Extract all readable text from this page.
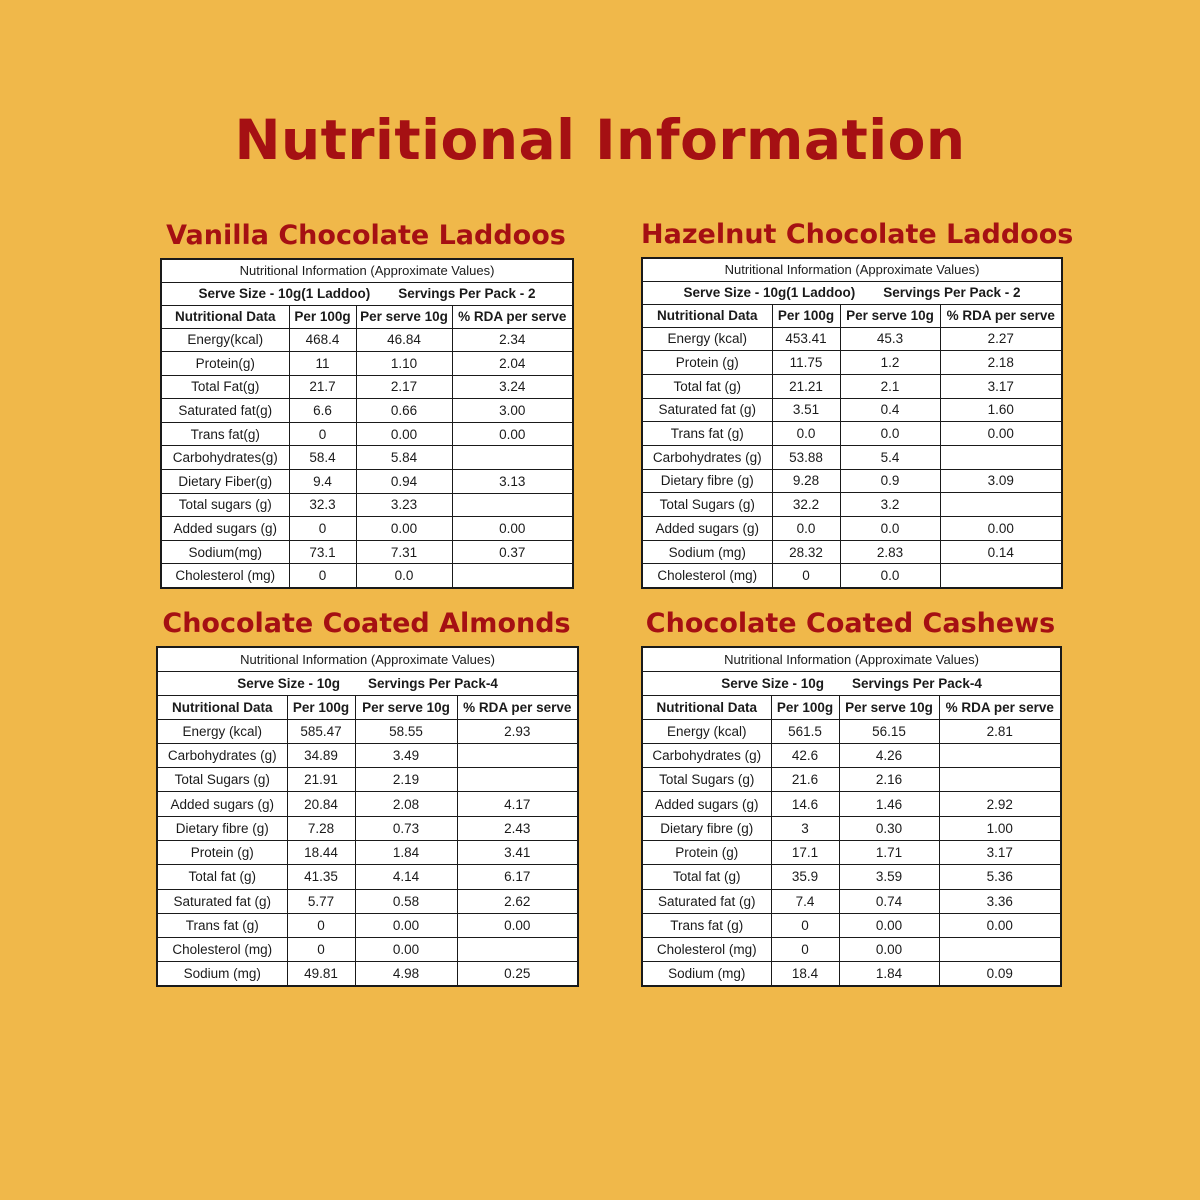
Nutritional Information
Vanilla Chocolate Laddoos
Nutritional Information (Approximate Values)			
Serve Size - 10g(1 Laddoo) Servings Per Pack - 2			
Nutritional Data	Per 100g	Per serve 10g	% RDA per serve
Energy(kcal)	468.4	46.84	2.34
Protein(g)	11	1.10	2.04
Total Fat(g)	21.7	2.17	3.24
Saturated fat(g)	6.6	0.66	3.00
Trans fat(g)	0	0.00	0.00
Carbohydrates(g)	58.4	5.84	
Dietary Fiber(g)	9.4	0.94	3.13
Total sugars (g)	32.3	3.23	
Added sugars (g)	0	0.00	0.00
Sodium(mg)	73.1	7.31	0.37
Cholesterol (mg)	0	0.0	
Hazelnut Chocolate Laddoos
Nutritional Information (Approximate Values)			
Serve Size - 10g(1 Laddoo) Servings Per Pack - 2			
Nutritional Data	Per 100g	Per serve 10g	% RDA per serve
Energy (kcal)	453.41	45.3	2.27
Protein (g)	11.75	1.2	2.18
Total fat (g)	21.21	2.1	3.17
Saturated fat (g)	3.51	0.4	1.60
Trans fat (g)	0.0	0.0	0.00
Carbohydrates (g)	53.88	5.4	
Dietary fibre (g)	9.28	0.9	3.09
Total Sugars (g)	32.2	3.2	
Added sugars (g)	0.0	0.0	0.00
Sodium (mg)	28.32	2.83	0.14
Cholesterol (mg)	0	0.0	
Chocolate Coated Almonds
Nutritional Information (Approximate Values)			
Serve Size - 10g Servings Per Pack-4			
Nutritional Data	Per 100g	Per serve 10g	% RDA per serve
Energy (kcal)	585.47	58.55	2.93
Carbohydrates (g)	34.89	3.49	
Total Sugars (g)	21.91	2.19	
Added sugars (g)	20.84	2.08	4.17
Dietary fibre (g)	7.28	0.73	2.43
Protein (g)	18.44	1.84	3.41
Total fat (g)	41.35	4.14	6.17
Saturated fat (g)	5.77	0.58	2.62
Trans fat (g)	0	0.00	0.00
Cholesterol (mg)	0	0.00	
Sodium (mg)	49.81	4.98	0.25
Chocolate Coated Cashews
Nutritional Information (Approximate Values)			
Serve Size - 10g Servings Per Pack-4			
Nutritional Data	Per 100g	Per serve 10g	% RDA per serve
Energy (kcal)	561.5	56.15	2.81
Carbohydrates (g)	42.6	4.26	
Total Sugars (g)	21.6	2.16	
Added sugars (g)	14.6	1.46	2.92
Dietary fibre (g)	3	0.30	1.00
Protein (g)	17.1	1.71	3.17
Total fat (g)	35.9	3.59	5.36
Saturated fat (g)	7.4	0.74	3.36
Trans fat (g)	0	0.00	0.00
Cholesterol (mg)	0	0.00	
Sodium (mg)	18.4	1.84	0.09
